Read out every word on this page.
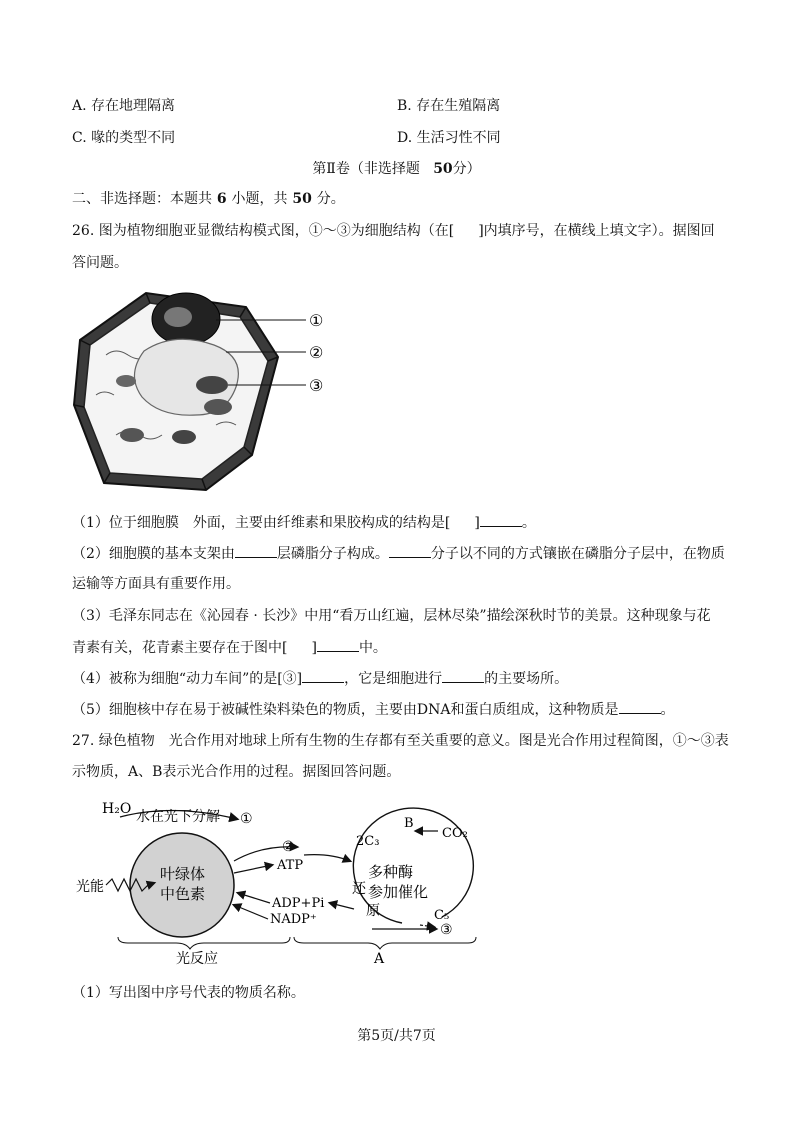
A. 存在地理隔离	B. 存在生殖隔离
C. 喙的类型不同	D. 生活习性不同
第Ⅱ卷（非选择题 50分）
二、非选择题：本题共 6 小题，共 50 分。
26. 图为植物细胞亚显微结构模式图，①～③为细胞结构（在[ ]内填序号，在横线上填文字）。据图回
答问题。
①
②
③
（1）位于细胞膜　外面，主要由纤维素和果胶构成的结构是[ ]	。
（2）细胞膜的基本支架由	层磷脂分子构成。	分子以不同的方式镶嵌在磷脂分子层中，在物质
运输等方面具有重要作用。
（3）毛泽东同志在《沁园春 · 长沙》中用“看万山红遍，层林尽染”描绘深秋时节的美景。这种现象与花
青素有关，花青素主要存在于图中[ ]	中。
（4）被称为细胞“动力车间”的是[③]	，它是细胞进行	的主要场所。
（5）细胞核中存在易于被碱性染料染色的物质，主要由DNA和蛋白质组成，这种物质是	。
27. 绿色植物　光合作用对地球上所有生物的生存都有至关重要的意义。图是光合作用过程简图，①～③表
示物质，A、B表示光合作用的过程。据图回答问题。
H₂O 水在光下分解 ①
叶绿体
中色素
光能
②
ATP
ADP+Pi
NADP⁺
多种酶
参加催化
2C₃
B
CO₂
C₅
还
原
③
光反应	A
（1）写出图中序号代表的物质名称。
第5页/共7页
